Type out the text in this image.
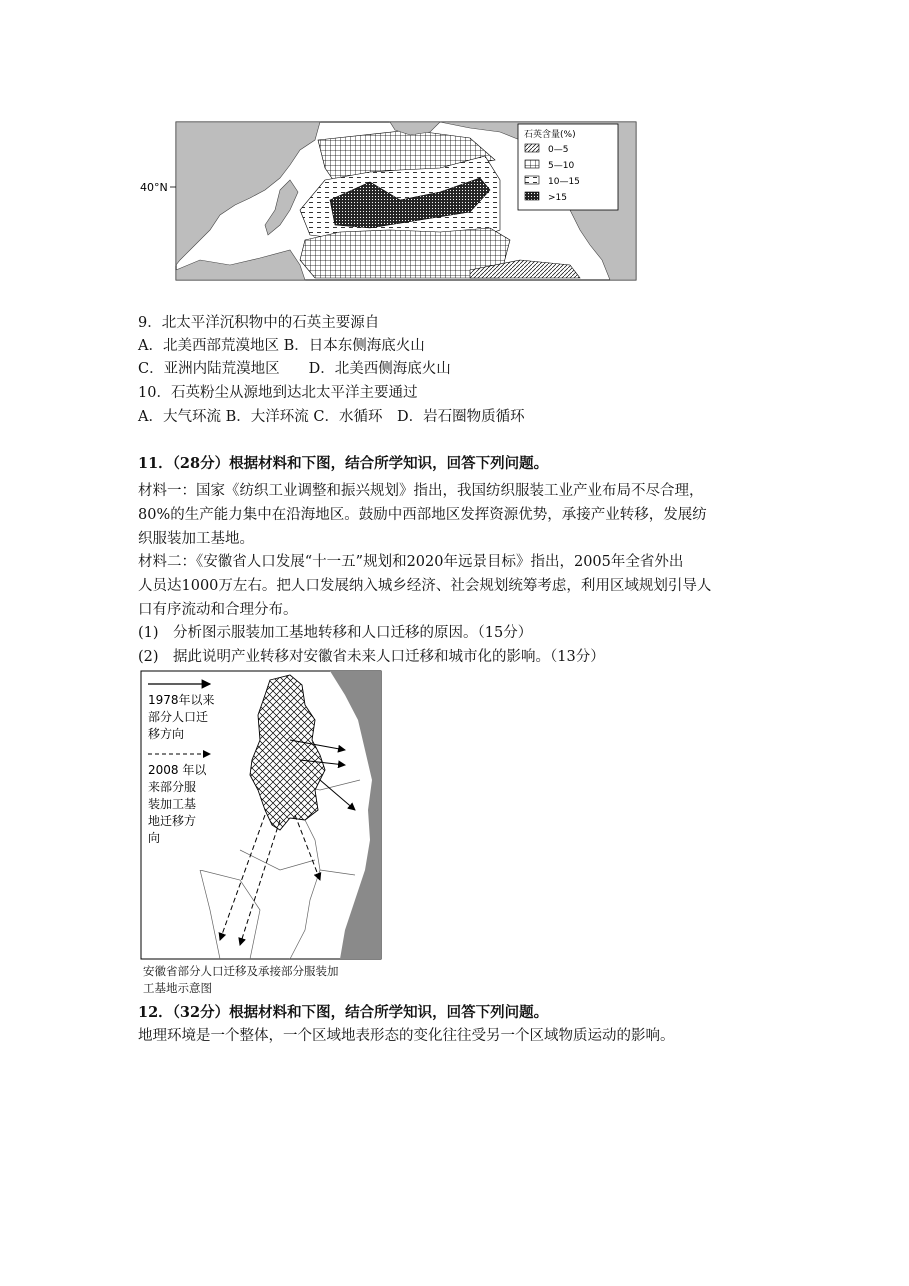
石英含量(%)
0—5
5—10
10—15
>15
40°N
9．北太平洋沉积物中的石英主要源自
A．北美西部荒漠地区 B．日本东侧海底火山
C．亚洲内陆荒漠地区　　D．北美西侧海底火山
10．石英粉尘从源地到达北太平洋主要通过
A．大气环流 B．大洋环流 C．水循环　D．岩石圈物质循环
11．（28分）根据材料和下图，结合所学知识，回答下列问题。
材料一：国家《纺织工业调整和振兴规划》指出，我国纺织服装工业产业布局不尽合理，
80%的生产能力集中在沿海地区。鼓励中西部地区发挥资源优势，承接产业转移，发展纺
织服装加工基地。
材料二：《安徽省人口发展“十一五”规划和2020年远景目标》指出，2005年全省外出
人员达1000万左右。把人口发展纳入城乡经济、社会规划统筹考虑，利用区域规划引导人
口有序流动和合理分布。
(1)　分析图示服装加工基地转移和人口迁移的原因。（15分）
(2)　据此说明产业转移对安徽省未来人口迁移和城市化的影响。（13分）
1978年以来
部分人口迁
移方向
2008 年以
来部分服
装加工基
地迁移方
向
安徽省部分人口迁移及承接部分服装加
工基地示意图
12．（32分）根据材料和下图，结合所学知识，回答下列问题。
地理环境是一个整体，一个区域地表形态的变化往往受另一个区域物质运动的影响。
